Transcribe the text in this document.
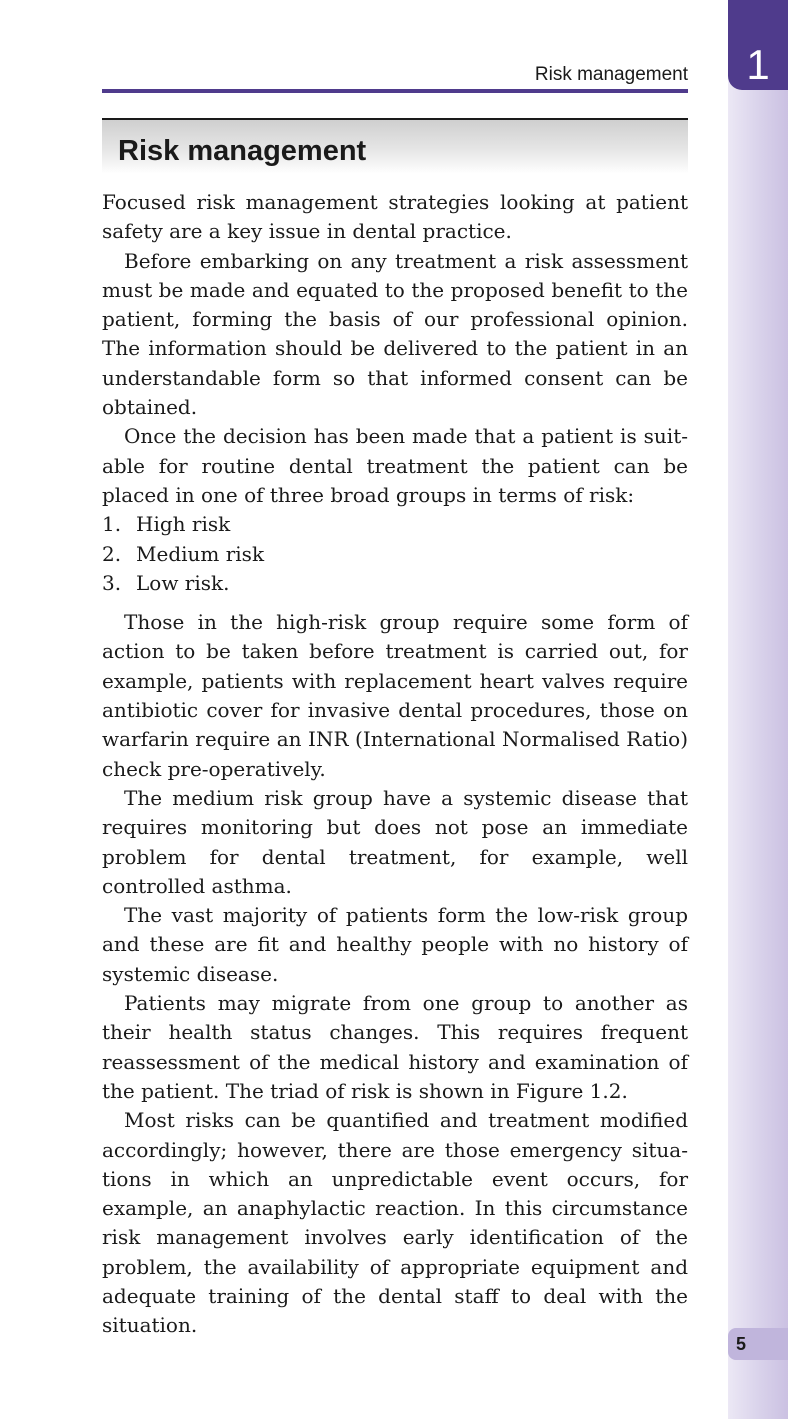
1
5
Risk management
Risk management

Focused risk management strategies looking at patient safety are a key issue in dental practice.

Before embarking on any treatment a risk assessment must be made and equated to the proposed benefit to the patient, forming the basis of our professional opinion. The information should be delivered to the patient in an understandable form so that informed consent can be obtained.

Once the decision has been made that a patient is suitable for routine dental treatment the patient can be placed in one of three broad groups in terms of risk:

1. High risk
2. Medium risk
3. Low risk.

Those in the high-risk group require some form of action to be taken before treatment is carried out, for example, patients with replacement heart valves require antibiotic cover for invasive dental procedures, those on warfarin require an INR (International Normalised Ratio) check pre-operatively.

The medium risk group have a systemic disease that requires monitoring but does not pose an immediate problem for dental treatment, for example, well controlled asthma.

The vast majority of patients form the low-risk group and these are fit and healthy people with no history of systemic disease.

Patients may migrate from one group to another as their health status changes. This requires frequent reassessment of the medical history and examination of the patient. The triad of risk is shown in Figure 1.2.

Most risks can be quantified and treatment modified accordingly; however, there are those emergency situations in which an unpredictable event occurs, for example, an anaphylactic reaction. In this circumstance risk management involves early identification of the problem, the availability of appropriate equipment and adequate training of the dental staff to deal with the situation.
